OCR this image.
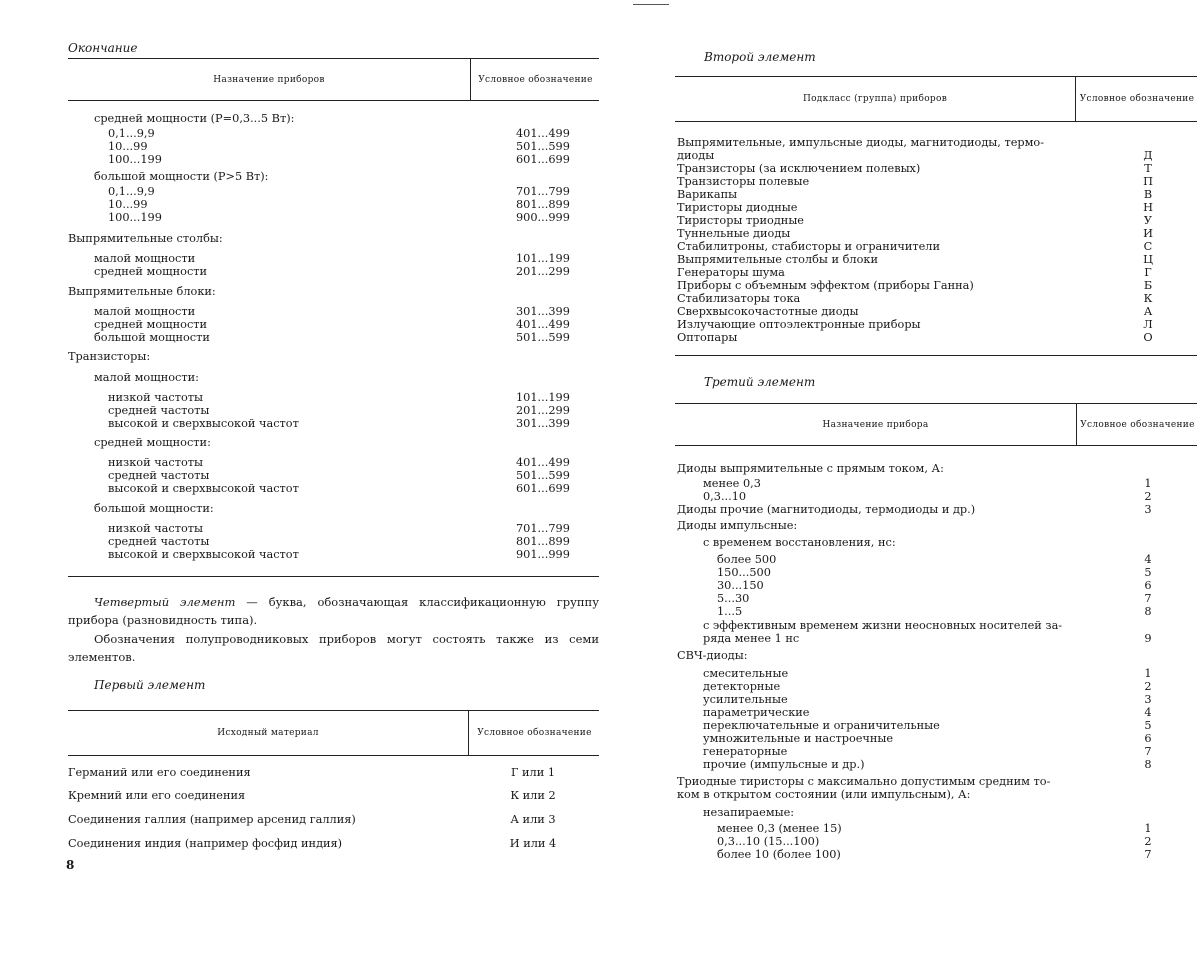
Окончание
Назначение приборов	Условное обозначение
средней мощности (Р=0,3...5 Вт):
0,1...9,9	401...499
10...99	501...599
100...199	601...699
большой мощности (Р>5 Вт):
0,1...9,9	701...799
10...99	801...899
100...199	900...999
Выпрямительные столбы:
малой мощности	101...199
средней мощности	201...299
Выпрямительные блоки:
малой мощности	301...399
средней мощности	401...499
большой мощности	501...599
Транзисторы:
малой мощности:
низкой частоты	101...199
средней частоты	201...299
высокой и сверхвысокой частот	301...399
средней мощности:
низкой частоты	401...499
средней частоты	501...599
высокой и сверхвысокой частот	601...699
большой мощности:
низкой частоты	701...799
средней частоты	801...899
высокой и сверхвысокой частот	901...999
Четвертый элемент — буква, обозначающая классификационную группу прибора (разновидность типа).
Обозначения полупроводниковых приборов могут состоять также из семи элементов.
Первый элемент
Исходный материал	Условное обозначение
Германий или его соединения	Г или 1
Кремний или его соединения	К или 2
Соединения галлия (например арсенид галлия)	А или 3
Соединения индия (например фосфид индия)	И или 4
8
Второй элемент
Подкласс (группа) приборов	Условное обозначение
Выпрямительные, импульсные диоды, магнитодиоды, термо-
диоды	Д
Транзисторы (за исключением полевых)	Т
Транзисторы полевые	П
Варикапы	В
Тиристоры диодные	Н
Тиристоры триодные	У
Туннельные диоды	И
Стабилитроны, стабисторы и ограничители	С
Выпрямительные столбы и блоки	Ц
Генераторы шума	Г
Приборы с объемным эффектом (приборы Ганна)	Б
Стабилизаторы тока	К
Сверхвысокочастотные диоды	А
Излучающие оптоэлектронные приборы	Л
Оптопары	О
Третий элемент
Назначение прибора	Условное обозначение
Диоды выпрямительные с прямым током, А:
менее 0,3	1
0,3...10	2
Диоды прочие (магнитодиоды, термодиоды и др.)	3
Диоды импульсные:
с временем восстановления, нс:
более 500	4
150...500	5
30...150	6
5...30	7
1...5	8
с эффективным временем жизни неосновных носителей за-
ряда менее 1 нс	9
СВЧ-диоды:
смесительные	1
детекторные	2
усилительные	3
параметрические	4
переключательные и ограничительные	5
умножительные и настроечные	6
генераторные	7
прочие (импульсные и др.)	8
Триодные тиристоры с максимально допустимым средним то-
ком в открытом состоянии (или импульсным), А:
незапираемые:
менее 0,3 (менее 15)	1
0,3...10 (15...100)	2
более 10 (более 100)	7
